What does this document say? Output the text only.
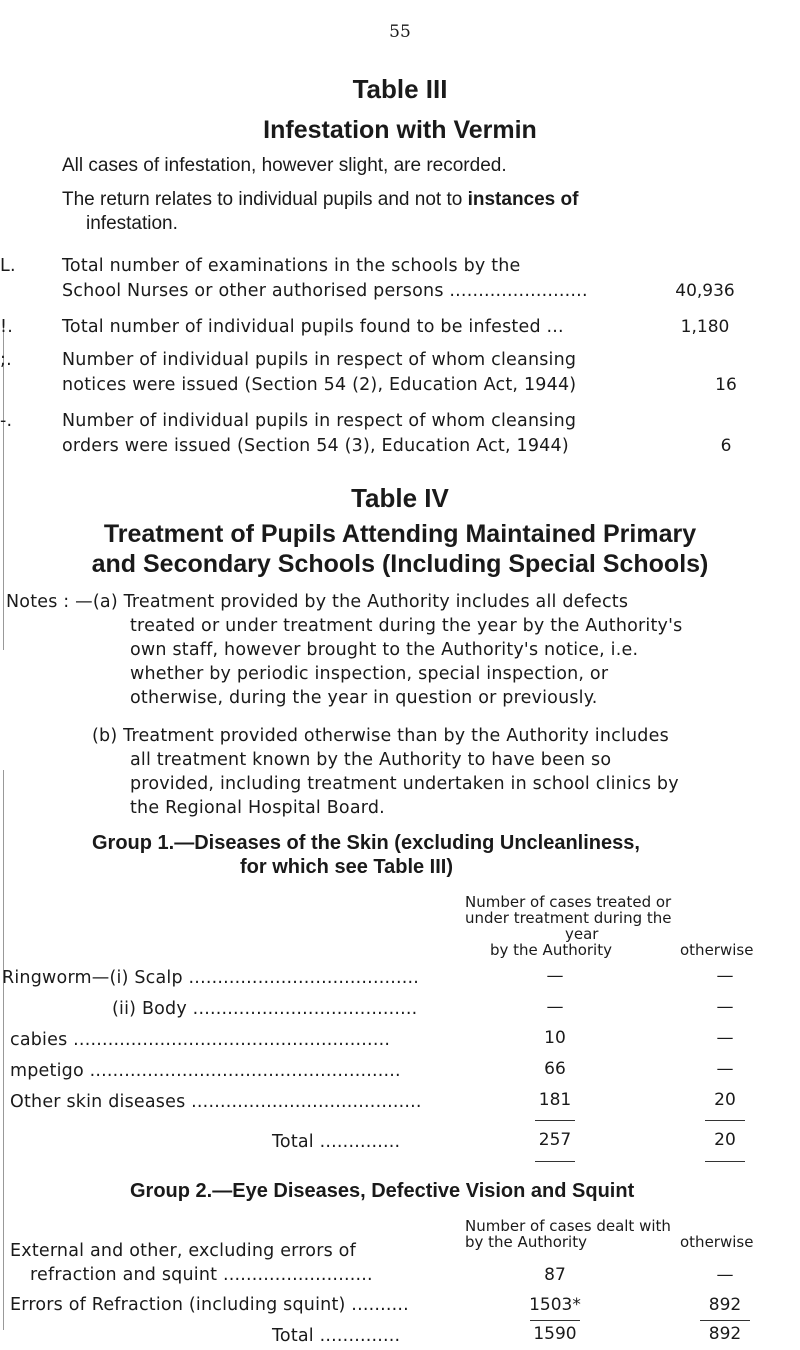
55
Table III
Infestation with Vermin
All cases of infestation, however slight, are recorded.
The return relates to individual pupils and not to instances of
infestation.
L.	Total number of examinations in the schools by the
School Nurses or other authorised persons ........................	40,936
!.	Total number of individual pupils found to be infested ...	1,180
;.	Number of individual pupils in respect of whom cleansing
notices were issued (Section 54 (2), Education Act, 1944)	16
-.	Number of individual pupils in respect of whom cleansing
orders were issued (Section 54 (3), Education Act, 1944)	6
Table IV
Treatment of Pupils Attending Maintained Primary
and Secondary Schools (Including Special Schools)
Notes : —(a) Treatment provided by the Authority includes all defects
treated or under treatment during the year by the Authority's
own staff, however brought to the Authority's notice, i.e.
whether by periodic inspection, special inspection, or
otherwise, during the year in question or previously.
(b) Treatment provided otherwise than by the Authority includes
all treatment known by the Authority to have been so
provided, including treatment undertaken in school clinics by
the Regional Hospital Board.
Group 1.—Diseases of the Skin (excluding Uncleanliness,
for which see Table III)
Number of cases treated or
under treatment during the
year
by the Authority	otherwise
Ringworm—(i) Scalp ........................................	—	—
(ii) Body .......................................	—	—
cabies .......................................................	10	—
mpetigo ......................................................	66	—
Other skin diseases ........................................	181	20
Total ..............	257	20
Group 2.—Eye Diseases, Defective Vision and Squint
Number of cases dealt with
by the Authority	otherwise
External and other, excluding errors of
refraction and squint ..........................	87	—
Errors of Refraction (including squint) ..........	1503*	892
Total ..............	1590	892
